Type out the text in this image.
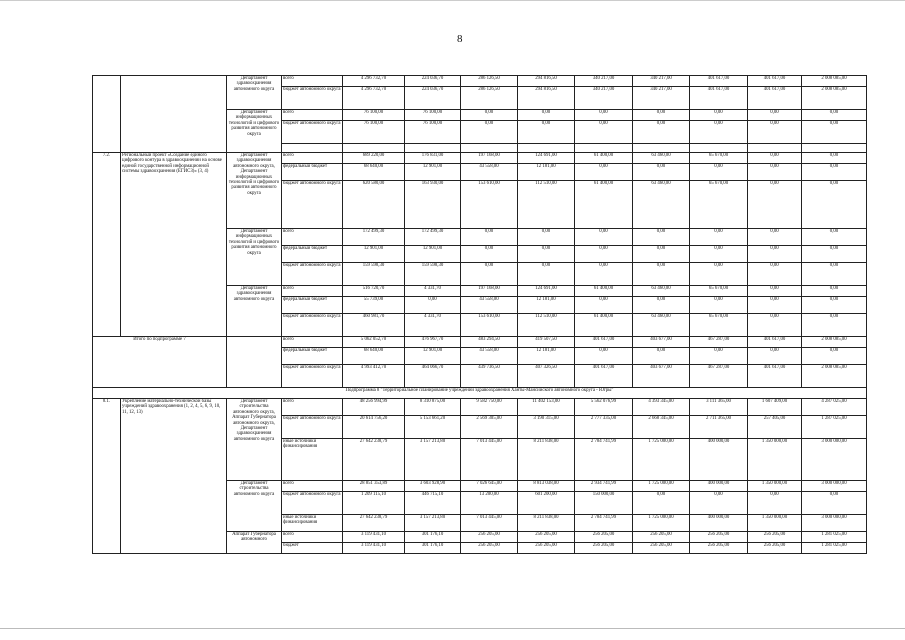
8
		Департамент здравоохранения автономного округа	всего	4 296 732,70	224 036,70	286 126,50	294 816,50	340 217,00	340 217,00	401 617,00	401 617,00	2 008 085,00
			бюджет автономного округа	4 296 732,70	224 036,70	286 126,50	294 816,50	340 217,00	340 217,00	401 617,00	401 617,00	2 008 085,00
		Департамент информационных технологий и цифрового развития автономного округа	всего	76 100,00	76 100,00	0,00	0,00	0,00	0,00	0,00	0,00	0,00
			бюджет автономного округа	76 100,00	76 100,00	0,00	0,00	0,00	0,00	0,00	0,00	0,00

7.2.	Региональный проект «Создание единого цифрового контура в здравоохранении на основе единой государственной информационной системы здравоохранения (ЕГИСЗ)» (3, 4)	Департамент здравоохранения автономного округа, Департамент информационных технологий и цифрового развития автономного округа	всего	689 220,00	176 831,00	197 168,00	124 691,00	61 400,00	63 460,00	65 670,00	0,00	0,00
			федеральный бюджет	68 640,00	12 901,00	43 558,00	12 181,00	0,00	0,00	0,00	0,00	0,00
			бюджет автономного округа	620 580,00	163 930,00	153 610,00	112 510,00	61 400,00	63 460,00	65 670,00	0,00	0,00
		Департамент информационных технологий и цифрового развития автономного округа	всего	172 499,30	172 499,30	0,00	0,00	0,00	0,00	0,00	0,00	0,00
			федеральный бюджет	12 901,00	12 901,00	0,00	0,00	0,00	0,00	0,00	0,00	0,00
			бюджет автономного округа	159 598,30	159 598,30	0,00	0,00	0,00	0,00	0,00	0,00	0,00
		Департамент здравоохранения автономного округа	всего	516 720,70	4 331,70	197 168,00	124 691,00	61 400,00	63 460,00	65 670,00	0,00	0,00
			федеральный бюджет	55 739,00	0,00	43 558,00	12 181,00	0,00	0,00	0,00	0,00	0,00
			бюджет автономного округа	460 981,70	4 331,70	153 610,00	112 510,00	61 400,00	63 460,00	65 670,00	0,00	0,00
Итого по подпрограмме 7			всего	5 062 052,70	476 967,70	483 294,50	419 507,50	401 617,00	403 677,00	467 287,00	401 617,00	2 008 085,00
			федеральный бюджет	68 640,00	12 901,00	43 558,00	12 181,00	0,00	0,00	0,00	0,00	0,00
			бюджет автономного округа	4 993 412,70	464 066,70	439 736,50	407 326,50	401 617,00	403 677,00	467 287,00	401 617,00	2 008 085,00
Подпрограмма 8 "Территориальное планирование учреждений здравоохранения Ханты-Мансийского автономного округа - Югры"												
8.1.	Укрепление материально-технической базы учреждений здравоохранения (1, 2, 4, 5, 6, 9, 10, 11, 12, 13)	Департамент строительства автономного округа, Аппарат Губернатора автономного округа, Департамент здравоохранения автономного округа	всего	48 256 994,99	8 310 875,00	9 582 750,00	11 402 153,00	5 562 076,99	4 393 345,00	3 111 365,00	1 607 409,00	4 287 025,00
			бюджет автономного округа	20 614 756,20	5 153 661,20	2 569 305,00	3 190 315,00	2 777 335,00	2 668 345,00	2 711 365,00	257 405,00	1 287 025,00
			иные источники финансирования	27 642 238,79	3 157 213,80	7 013 445,00	8 211 838,00	2 784 741,99	1 725 000,00	400 000,00	1 350 000,00	3 000 000,00
		Департамент строительства автономного округа	всего	28 851 353,89	3 603 928,90	7 026 645,00	8 813 038,00	2 934 741,99	1 725 000,00	400 000,00	1 350 000,00	3 000 000,00
			бюджет автономного округа	1 209 115,10	446 715,10	13 200,00	601 200,00	150 000,00	0,00	0,00	0,00	0,00
			иные источники финансирования	27 642 238,79	3 157 213,80	7 013 445,00	8 211 838,00	2 784 741,99	1 725 000,00	400 000,00	1 350 000,00	3 000 000,00
		Аппарат Губернатора автономного	всего	3 119 431,10	301 176,10	256 205,00	256 205,00	256 205,00	256 205,00	256 205,00	256 205,00	1 281 025,00
			бюджет	3 119 431,10	301 176,10	256 205,00	256 205,00	256 205,00	256 205,00	256 205,00	256 205,00	1 281 025,00
